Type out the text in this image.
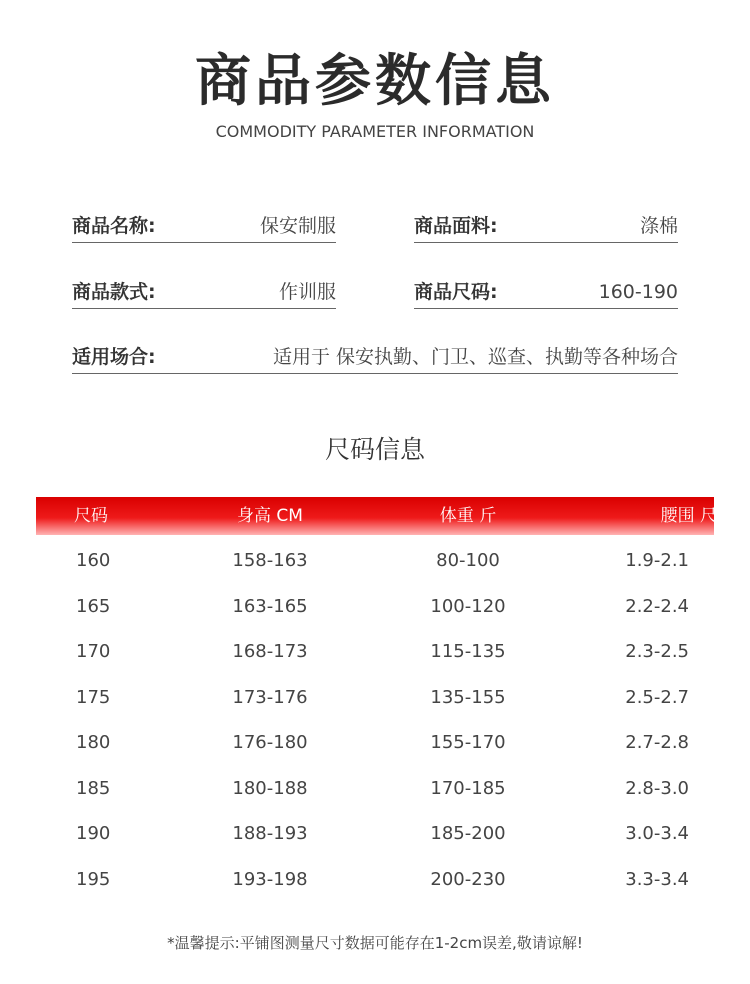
商品参数信息
COMMODITY PARAMETER INFORMATION
商品名称:	保安制服	商品面料:	涤棉
商品款式:	作训服	商品尺码:	160-190
适用场合:	适用于 保安执勤、门卫、巡查、执勤等各种场合
尺码信息
尺码	身高 CM	体重 斤	腰围 尺
160	158-163	80-100	1.9-2.1
165	163-165	100-120	2.2-2.4
170	168-173	115-135	2.3-2.5
175	173-176	135-155	2.5-2.7
180	176-180	155-170	2.7-2.8
185	180-188	170-185	2.8-3.0
190	188-193	185-200	3.0-3.4
195	193-198	200-230	3.3-3.4
*温馨提示:平铺图测量尺寸数据可能存在1-2cm误差,敬请谅解!
